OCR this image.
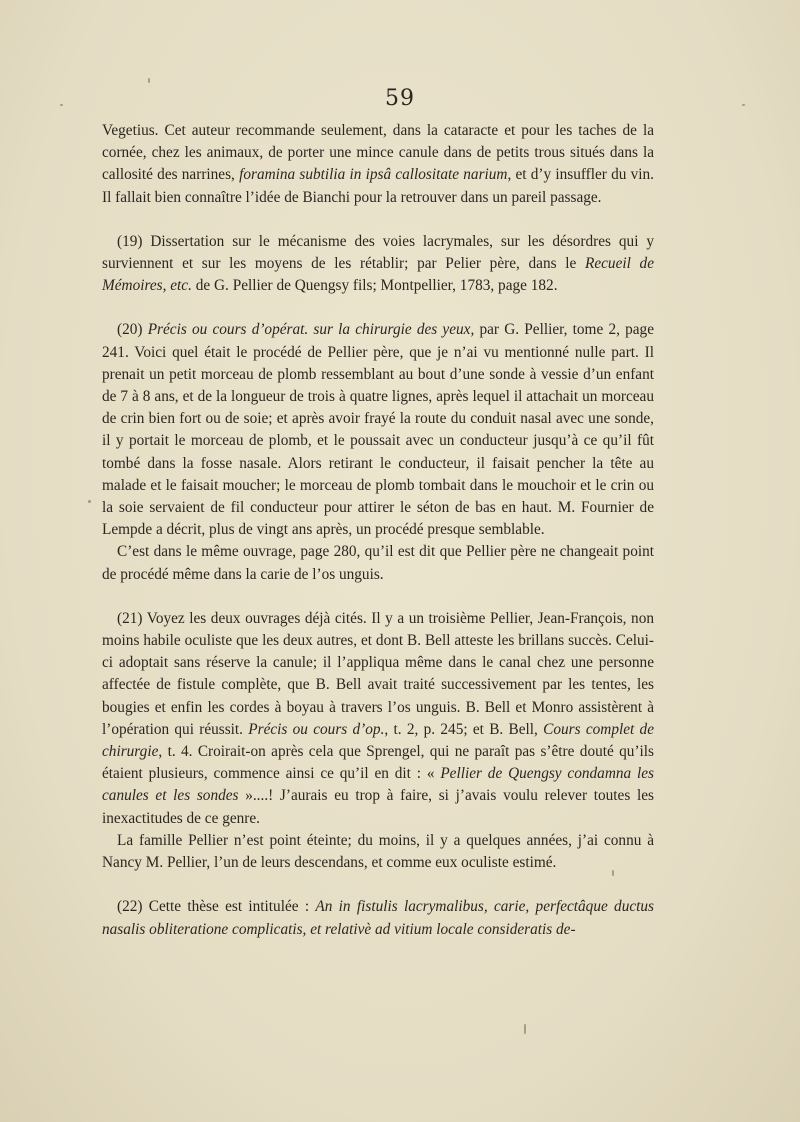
59

Vegetius. Cet auteur recommande seulement, dans la cataracte et pour les taches de la cornée, chez les animaux, de porter une mince canule dans de petits trous situés dans la callosité des narrines, foramina subtilia in ipsâ callositate narium, et d’y insuffler du vin. Il fallait bien connaître l’idée de Bianchi pour la retrouver dans un pareil passage.

(19) Dissertation sur le mécanisme des voies lacrymales, sur les désordres qui y surviennent et sur les moyens de les rétablir; par Pelier père, dans le Recueil de Mémoires, etc. de G. Pellier de Quengsy fils; Montpellier, 1783, page 182.

(20) Précis ou cours d’opérat. sur la chirurgie des yeux, par G. Pellier, tome 2, page 241. Voici quel était le procédé de Pellier père, que je n’ai vu mentionné nulle part. Il prenait un petit morceau de plomb ressemblant au bout d’une sonde à vessie d’un enfant de 7 à 8 ans, et de la longueur de trois à quatre lignes, après lequel il attachait un morceau de crin bien fort ou de soie; et après avoir frayé la route du conduit nasal avec une sonde, il y portait le morceau de plomb, et le poussait avec un conducteur jusqu’à ce qu’il fût tombé dans la fosse nasale. Alors retirant le conducteur, il faisait pencher la tête au malade et le faisait moucher; le morceau de plomb tombait dans le mouchoir et le crin ou la soie servaient de fil conducteur pour attirer le séton de bas en haut. M. Fournier de Lempde a décrit, plus de vingt ans après, un procédé presque semblable.

C’est dans le même ouvrage, page 280, qu’il est dit que Pellier père ne changeait point de procédé même dans la carie de l’os unguis.

(21) Voyez les deux ouvrages déjà cités. Il y a un troisième Pellier, Jean-François, non moins habile oculiste que les deux autres, et dont B. Bell atteste les brillans succès. Celui-ci adoptait sans réserve la canule; il l’appliqua même dans le canal chez une personne affectée de fistule complète, que B. Bell avait traité successivement par les tentes, les bougies et enfin les cordes à boyau à travers l’os unguis. B. Bell et Monro assistèrent à l’opération qui réussit. Précis ou cours d’op., t. 2, p. 245; et B. Bell, Cours complet de chirurgie, t. 4. Croirait-on après cela que Sprengel, qui ne paraît pas s’être douté qu’ils étaient plusieurs, commence ainsi ce qu’il en dit : « Pellier de Quengsy condamna les canules et les sondes »....! J’aurais eu trop à faire, si j’avais voulu relever toutes les inexactitudes de ce genre.

La famille Pellier n’est point éteinte; du moins, il y a quelques années, j’ai connu à Nancy M. Pellier, l’un de leurs descendans, et comme eux oculiste estimé.

(22) Cette thèse est intitulée : An in fistulis lacrymalibus, carie, perfectâque ductus nasalis obliteratione complicatis, et relativè ad vitium locale consideratis de-
